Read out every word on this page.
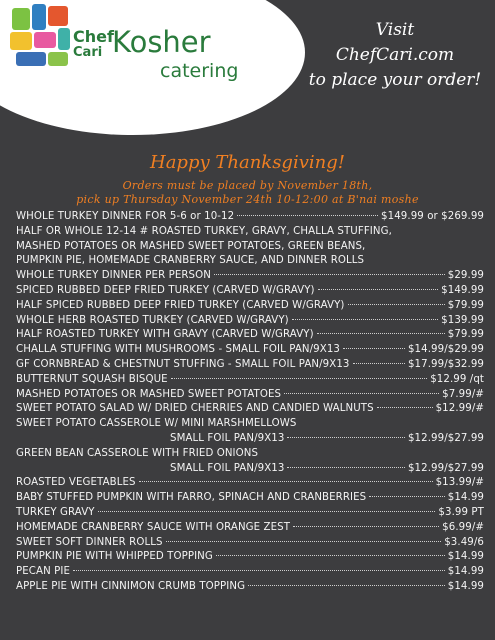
Chef
Cari Kosher
catering
Visit
ChefCari.com
to place your order!
Happy Thanksgiving!
Orders must be placed by November 18th,
pick up Thursday November 24th 10-12:00 at B'nai moshe
WHOLE TURKEY DINNER FOR 5-6 or 10-12	$149.99 or $269.99
HALF OR WHOLE 12-14 # ROASTED TURKEY, GRAVY, CHALLA STUFFING,
MASHED POTATOES OR MASHED SWEET POTATOES, GREEN BEANS,
PUMPKIN PIE, HOMEMADE CRANBERRY SAUCE, AND DINNER ROLLS
WHOLE TURKEY DINNER PER PERSON	$29.99
SPICED RUBBED DEEP FRIED TURKEY (CARVED W/GRAVY)	$149.99
HALF SPICED RUBBED DEEP FRIED TURKEY (CARVED W/GRAVY)	$79.99
WHOLE HERB ROASTED TURKEY (CARVED W/GRAVY)	$139.99
HALF ROASTED TURKEY WITH GRAVY (CARVED W/GRAVY)	$79.99
CHALLA STUFFING WITH MUSHROOMS - SMALL FOIL PAN/9X13	$14.99/$29.99
GF CORNBREAD & CHESTNUT STUFFING - SMALL FOIL PAN/9X13	$17.99/$32.99
BUTTERNUT SQUASH BISQUE	$12.99 /qt
MASHED POTATOES OR MASHED SWEET POTATOES	$7.99/#
SWEET POTATO SALAD W/ DRIED CHERRIES AND CANDIED WALNUTS	$12.99/#
SWEET POTATO CASSEROLE W/ MINI MARSHMELLOWS
SMALL FOIL PAN/9X13	$12.99/$27.99
GREEN BEAN CASSEROLE WITH FRIED ONIONS
SMALL FOIL PAN/9X13	$12.99/$27.99
ROASTED VEGETABLES	$13.99/#
BABY STUFFED PUMPKIN WITH FARRO, SPINACH AND CRANBERRIES	$14.99
TURKEY GRAVY	$3.99 PT
HOMEMADE CRANBERRY SAUCE WITH ORANGE ZEST	$6.99/#
SWEET SOFT DINNER ROLLS	$3.49/6
PUMPKIN PIE WITH WHIPPED TOPPING	$14.99
PECAN PIE	$14.99
APPLE PIE WITH CINNIMON CRUMB TOPPING	$14.99
